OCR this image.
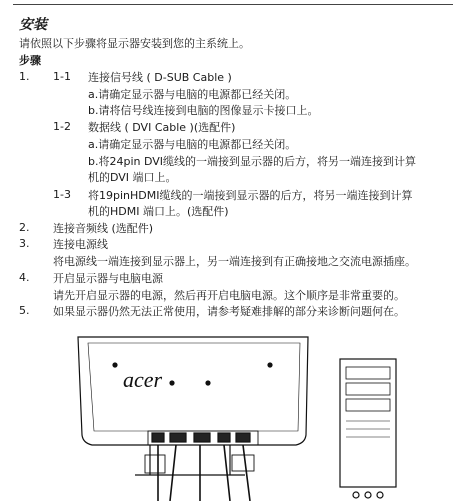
安装
请依照以下步骤将显示器安装到您的主系统上。
步骤
1. 1-1 连接信号线 ( D-SUB Cable )
a.请确定显示器与电脑的电源都已经关闭。
b.请将信号线连接到电脑的图像显示卡接口上。
1-2 数据线 ( DVI Cable )(选配件)
a.请确定显示器与电脑的电源都已经关闭。
b.将24pin DVI缆线的一端接到显示器的后方，将另一端连接到计算
机的DVI 端口上。
1-3 将19pinHDMI缆线的一端接到显示器的后方，将另一端连接到计算
机的HDMI 端口上。(选配件)
2. 连接音频线 (选配件)
3. 连接电源线
将电源线一端连接到显示器上，另一端连接到有正确接地之交流电源插座。
4. 开启显示器与电脑电源
请先开启显示器的电源，然后再开启电脑电源。这个顺序是非常重要的。
5. 如果显示器仍然无法正常使用，请参考疑难排解的部分来诊断问题何在。
acer
